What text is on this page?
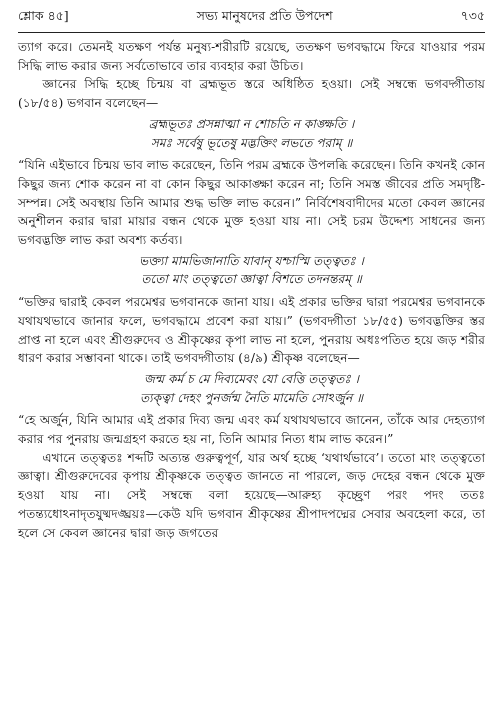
শ্লোক ৪৫]	সভ্য মানুষদের প্রতি উপদেশ	৭৩৫

ত্যাগ করে। তেমনই যতক্ষণ পর্যন্ত মনুষ্য-শরীরটি রয়েছে, ততক্ষণ ভগবদ্ধামে ফিরে যাওয়ার পরম সিদ্ধি লাভ করার জন্য সর্বতোভাবে তার ব্যবহার করা উচিত।

জ্ঞানের সিদ্ধি হচ্ছে চিন্ময় বা ব্রহ্মভূত স্তরে অধিষ্ঠিত হওয়া। সেই সম্বন্ধে ভগবদ্গীতায় (১৮/৫৪) ভগবান বলেছেন—

ব্রহ্মভূতঃ প্রসন্নাত্মা ন শোচতি ন কাঙ্ক্ষতি ।
সমঃ সর্বেষু ভূতেষু মদ্ভক্তিং লভতে পরাম্ ॥

“যিনি এইভাবে চিন্ময় ভাব লাভ করেছেন, তিনি পরম ব্রহ্মকে উপলব্ধি করেছেন। তিনি কখনই কোন কিছুর জন্য শোক করেন না বা কোন কিছুর আকাঙ্ক্ষা করেন না; তিনি সমস্ত জীবের প্রতি সমদৃষ্টি-সম্পন্ন। সেই অবস্থায় তিনি আমার শুদ্ধ ভক্তি লাভ করেন।” নির্বিশেষবাদীদের মতো কেবল জ্ঞানের অনুশীলন করার দ্বারা মায়ার বন্ধন থেকে মুক্ত হওয়া যায় না। সেই চরম উদ্দেশ্য সাধনের জন্য ভগবদ্ভক্তি লাভ করা অবশ্য কর্তব্য।

ভক্ত্যা মামভিজানাতি যাবান্ যশ্চাস্মি তত্ত্বতঃ ।
ততো মাং তত্ত্বতো জ্ঞাত্বা বিশতে তদনন্তরম্ ॥

“ভক্তির দ্বারাই কেবল পরমেশ্বর ভগবানকে জানা যায়। এই প্রকার ভক্তির দ্বারা পরমেশ্বর ভগবানকে যথাযথভাবে জানার ফলে, ভগবদ্ধামে প্রবেশ করা যায়।” (ভগবদ্গীতা ১৮/৫৫) ভগবদ্ভক্তির স্তর প্রাপ্ত না হলে এবং শ্রীগুরুদেব ও শ্রীকৃষ্ণের কৃপা লাভ না হলে, পুনরায় অধঃপতিত হয়ে জড় শরীর ধারণ করার সম্ভাবনা থাকে। তাই ভগবদ্গীতায় (৪/৯) শ্রীকৃষ্ণ বলেছেন—

জন্ম কর্ম চ মে দিব্যমেবং যো বেত্তি তত্ত্বতঃ ।
ত্যক্ত্বা দেহং পুনর্জন্ম নৈতি মামেতি সোঽর্জুন ॥

“হে অর্জুন, যিনি আমার এই প্রকার দিব্য জন্ম এবং কর্ম যথাযথভাবে জানেন, তাঁকে আর দেহত্যাগ করার পর পুনরায় জন্মগ্রহণ করতে হয় না, তিনি আমার নিত্য ধাম লাভ করেন।”

এখানে তত্ত্বতঃ শব্দটি অত্যন্ত গুরুত্বপূর্ণ, যার অর্থ হচ্ছে ‘যথার্থভাবে’। ততো মাং তত্ত্বতো জ্ঞাত্বা। শ্রীগুরুদেবের কৃপায় শ্রীকৃষ্ণকে তত্ত্বত জানতে না পারলে, জড় দেহের বন্ধন থেকে মুক্ত হওয়া যায় না। সেই সম্বন্ধে বলা হয়েছে—আরুহ্য কৃচ্ছ্রেণ পরং পদং ততঃ পতন্ত্যধোঽনাদৃতযুষ্মদঙ্ঘ্রয়ঃ—কেউ যদি ভগবান শ্রীকৃষ্ণের শ্রীপাদপদ্মের সেবার অবহেলা করে, তা হলে সে কেবল জ্ঞানের দ্বারা জড় জগতের
